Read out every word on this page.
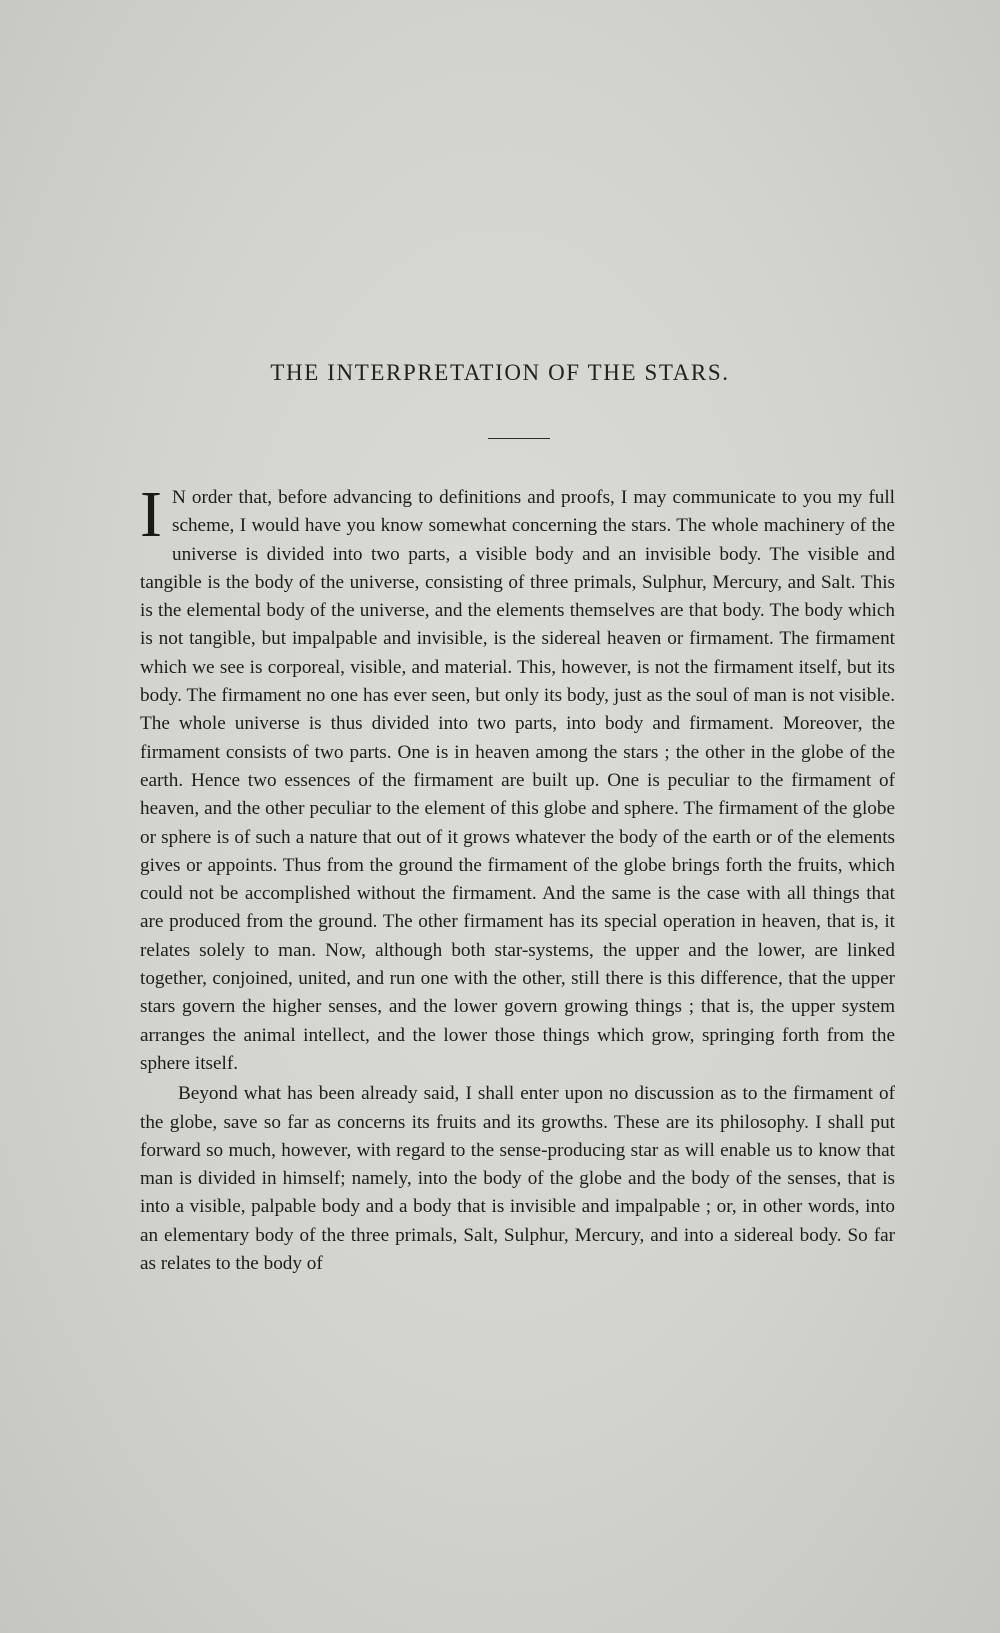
THE INTERPRETATION OF THE STARS.

I N order that, before advancing to definitions and proofs, I may communicate to you my full scheme, I would have you know somewhat concerning the stars. The whole machinery of the universe is divided into two parts, a visible body and an invisible body. The visible and tangible is the body of the universe, consisting of three primals, Sulphur, Mercury, and Salt. This is the elemental body of the universe, and the elements themselves are that body. The body which is not tangible, but impalpable and invisible, is the sidereal heaven or firmament. The firmament which we see is corporeal, visible, and material. This, however, is not the firmament itself, but its body. The firmament no one has ever seen, but only its body, just as the soul of man is not visible. The whole universe is thus divided into two parts, into body and firmament. Moreover, the firmament consists of two parts. One is in heaven among the stars ; the other in the globe of the earth. Hence two essences of the firmament are built up. One is peculiar to the firmament of heaven, and the other peculiar to the element of this globe and sphere. The firmament of the globe or sphere is of such a nature that out of it grows whatever the body of the earth or of the elements gives or appoints. Thus from the ground the firmament of the globe brings forth the fruits, which could not be accomplished without the firmament. And the same is the case with all things that are produced from the ground. The other firmament has its special operation in heaven, that is, it relates solely to man. Now, although both star-systems, the upper and the lower, are linked together, conjoined, united, and run one with the other, still there is this difference, that the upper stars govern the higher senses, and the lower govern growing things ; that is, the upper system arranges the animal intellect, and the lower those things which grow, springing forth from the sphere itself.

Beyond what has been already said, I shall enter upon no discussion as to the firmament of the globe, save so far as concerns its fruits and its growths. These are its philosophy. I shall put forward so much, however, with regard to the sense-producing star as will enable us to know that man is divided in himself; namely, into the body of the globe and the body of the senses, that is into a visible, palpable body and a body that is invisible and impalpable ; or, in other words, into an elementary body of the three primals, Salt, Sulphur, Mercury, and into a sidereal body. So far as relates to the body of
